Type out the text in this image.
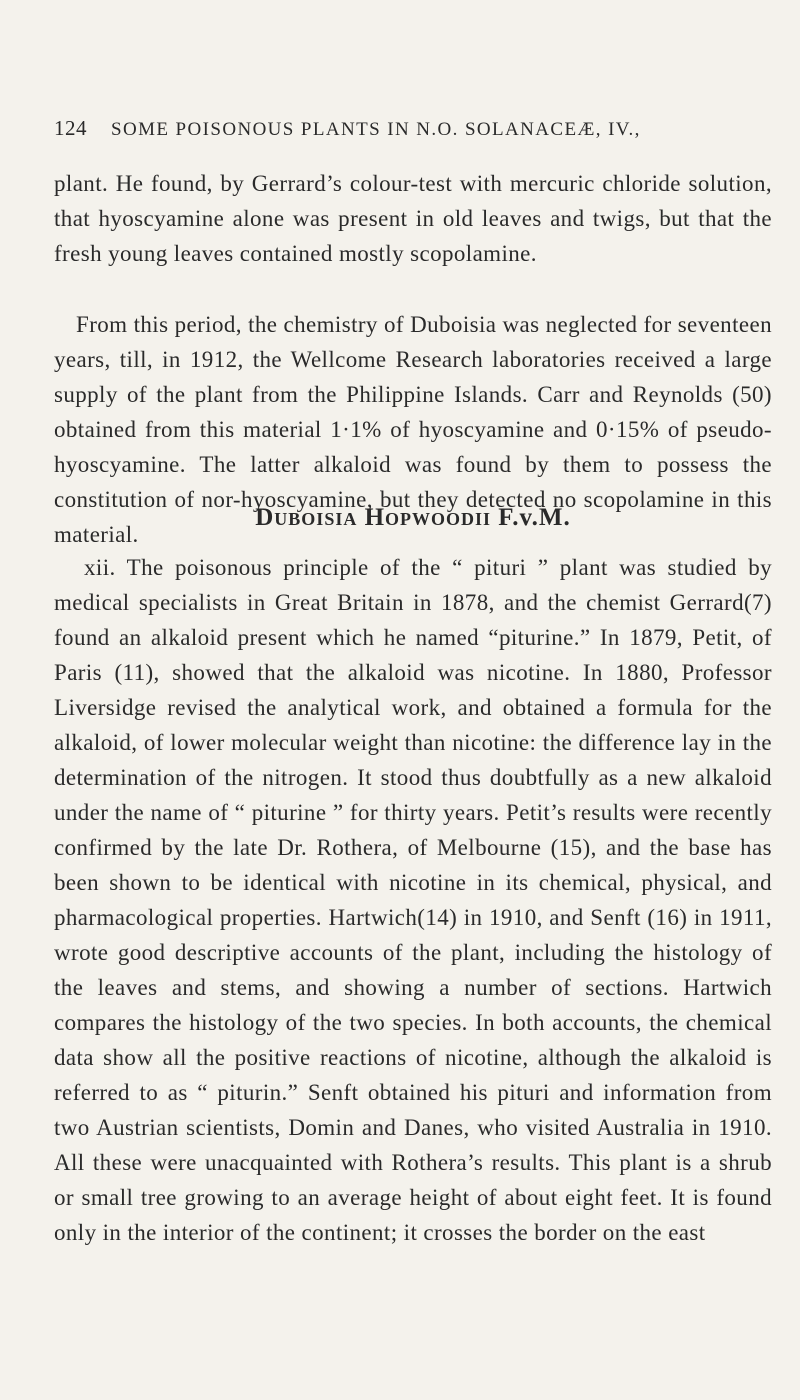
124 SOME POISONOUS PLANTS IN N.O. SOLANACEÆ, IV.,

plant. He found, by Gerrard’s colour-test with mercuric chloride solution, that hyoscyamine alone was present in old leaves and twigs, but that the fresh young leaves contained mostly scopolamine.

From this period, the chemistry of Duboisia was neglected for seventeen years, till, in 1912, the Wellcome Research laboratories received a large supply of the plant from the Philippine Islands. Carr and Reynolds (50) obtained from this material 1·1% of hyoscyamine and 0·15% of pseudo-hyoscyamine. The latter alkaloid was found by them to possess the constitution of nor-hyoscyamine, but they detected no scopolamine in this material.

Duboisia Hopwoodii F.v.M.

xii. The poisonous principle of the “ pituri ” plant was studied by medical specialists in Great Britain in 1878, and the chemist Gerrard(7) found an alkaloid present which he named “piturine.” In 1879, Petit, of Paris (11), showed that the alkaloid was nicotine. In 1880, Professor Liversidge revised the analytical work, and obtained a formula for the alkaloid, of lower molecular weight than nicotine: the difference lay in the determination of the nitrogen. It stood thus doubtfully as a new alkaloid under the name of “ piturine ” for thirty years. Petit’s results were recently confirmed by the late Dr. Rothera, of Melbourne (15), and the base has been shown to be identical with nicotine in its chemical, physical, and pharmacological properties. Hartwich(14) in 1910, and Senft (16) in 1911, wrote good descriptive accounts of the plant, including the histology of the leaves and stems, and showing a number of sections. Hartwich compares the histology of the two species. In both accounts, the chemical data show all the positive reactions of nicotine, although the alkaloid is referred to as “ piturin.” Senft obtained his pituri and information from two Austrian scientists, Domin and Danes, who visited Australia in 1910. All these were unacquainted with Rothera’s results. This plant is a shrub or small tree growing to an average height of about eight feet. It is found only in the interior of the continent; it crosses the border on the east
